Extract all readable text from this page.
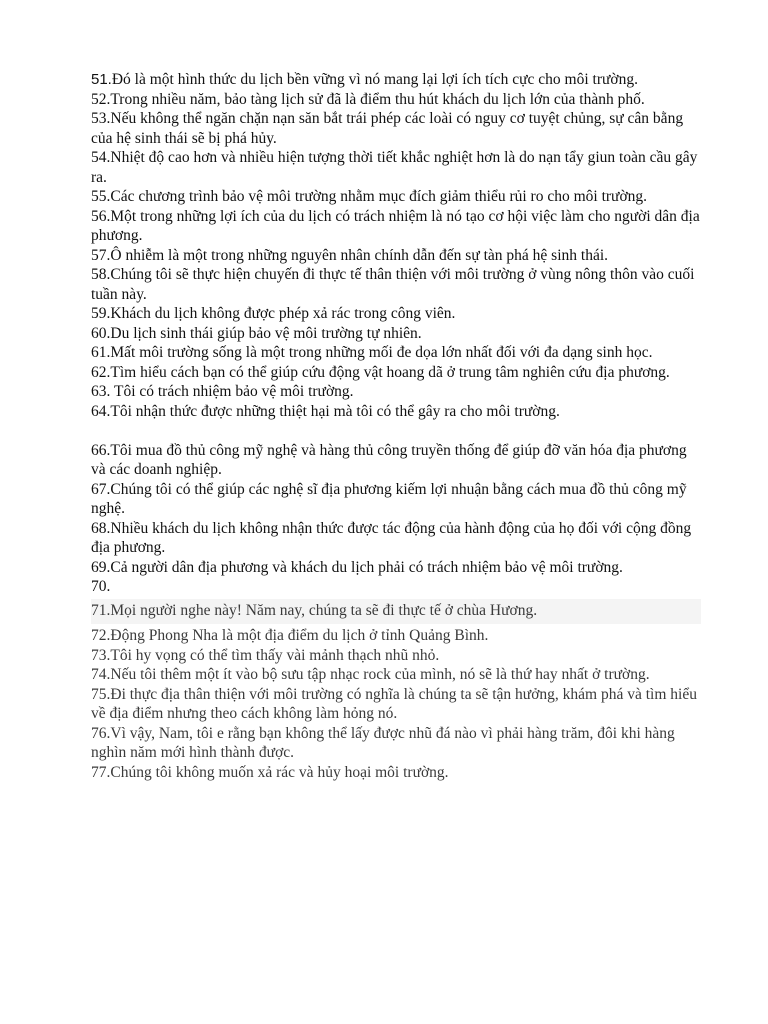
51.Đó là một hình thức du lịch bền vững vì nó mang lại lợi ích tích cực cho môi trường.

52.Trong nhiều năm, bảo tàng lịch sử đã là điểm thu hút khách du lịch lớn của thành phố.

53.Nếu không thể ngăn chặn nạn săn bắt trái phép các loài có nguy cơ tuyệt chủng, sự cân bằng của hệ sinh thái sẽ bị phá hủy.

54.Nhiệt độ cao hơn và nhiều hiện tượng thời tiết khắc nghiệt hơn là do nạn tẩy giun toàn cầu gây ra.

55.Các chương trình bảo vệ môi trường nhằm mục đích giảm thiểu rủi ro cho môi trường.

56.Một trong những lợi ích của du lịch có trách nhiệm là nó tạo cơ hội việc làm cho người dân địa phương.

57.Ô nhiễm là một trong những nguyên nhân chính dẫn đến sự tàn phá hệ sinh thái.

58.Chúng tôi sẽ thực hiện chuyến đi thực tế thân thiện với môi trường ở vùng nông thôn vào cuối tuần này.

59.Khách du lịch không được phép xả rác trong công viên.

60.Du lịch sinh thái giúp bảo vệ môi trường tự nhiên.

61.Mất môi trường sống là một trong những mối đe dọa lớn nhất đối với đa dạng sinh học.

62.Tìm hiểu cách bạn có thể giúp cứu động vật hoang dã ở trung tâm nghiên cứu địa phương.

63. Tôi có trách nhiệm bảo vệ môi trường.

64.Tôi nhận thức được những thiệt hại mà tôi có thể gây ra cho môi trường.

66.Tôi mua đồ thủ công mỹ nghệ và hàng thủ công truyền thống để giúp đỡ văn hóa địa phương và các doanh nghiệp.

67.Chúng tôi có thể giúp các nghệ sĩ địa phương kiếm lợi nhuận bằng cách mua đồ thủ công mỹ nghệ.

68.Nhiều khách du lịch không nhận thức được tác động của hành động của họ đối với cộng đồng địa phương.

69.Cả người dân địa phương và khách du lịch phải có trách nhiệm bảo vệ môi trường.

70.

71.Mọi người nghe này! Năm nay, chúng ta sẽ đi thực tế ở chùa Hương.

72.Động Phong Nha là một địa điểm du lịch ở tỉnh Quảng Bình.

73.Tôi hy vọng có thể tìm thấy vài mảnh thạch nhũ nhỏ.

74.Nếu tôi thêm một ít vào bộ sưu tập nhạc rock của mình, nó sẽ là thứ hay nhất ở trường.

75.Đi thực địa thân thiện với môi trường có nghĩa là chúng ta sẽ tận hưởng, khám phá và tìm hiểu về địa điểm nhưng theo cách không làm hỏng nó.

76.Vì vậy, Nam, tôi e rằng bạn không thể lấy được nhũ đá nào vì phải hàng trăm, đôi khi hàng nghìn năm mới hình thành được.

77.Chúng tôi không muốn xả rác và hủy hoại môi trường.
